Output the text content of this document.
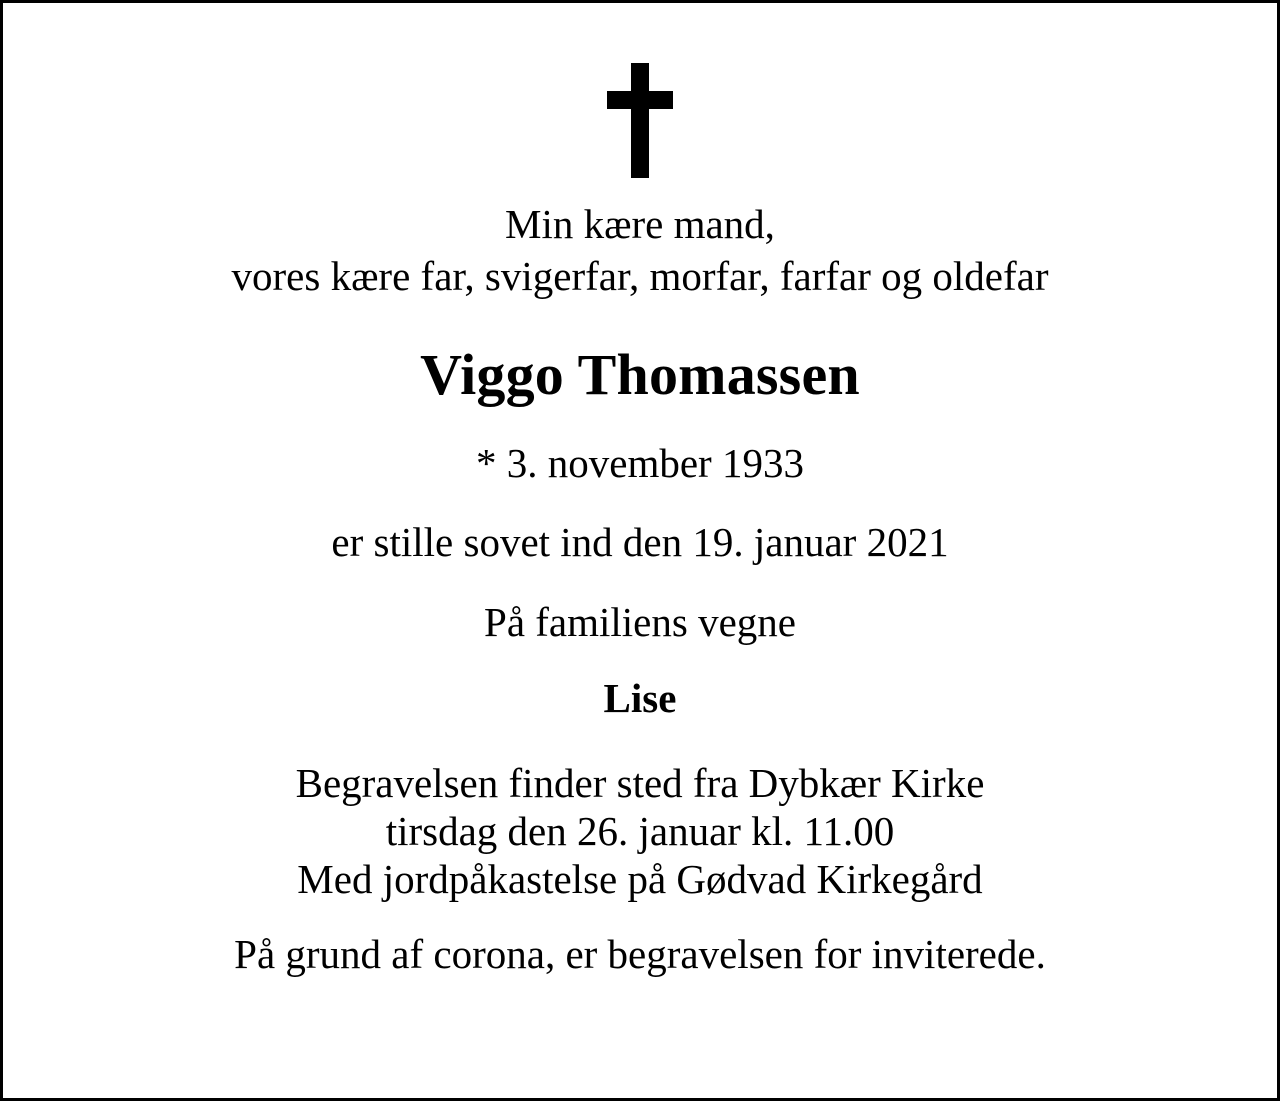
Min kære mand,
vores kære far, svigerfar, morfar, farfar og oldefar
Viggo Thomassen
* 3. november 1933
er stille sovet ind den 19. januar 2021
På familiens vegne
Lise
Begravelsen finder sted fra Dybkær Kirke
tirsdag den 26. januar kl. 11.00
Med jordpåkastelse på Gødvad Kirkegård
På grund af corona, er begravelsen for inviterede.
